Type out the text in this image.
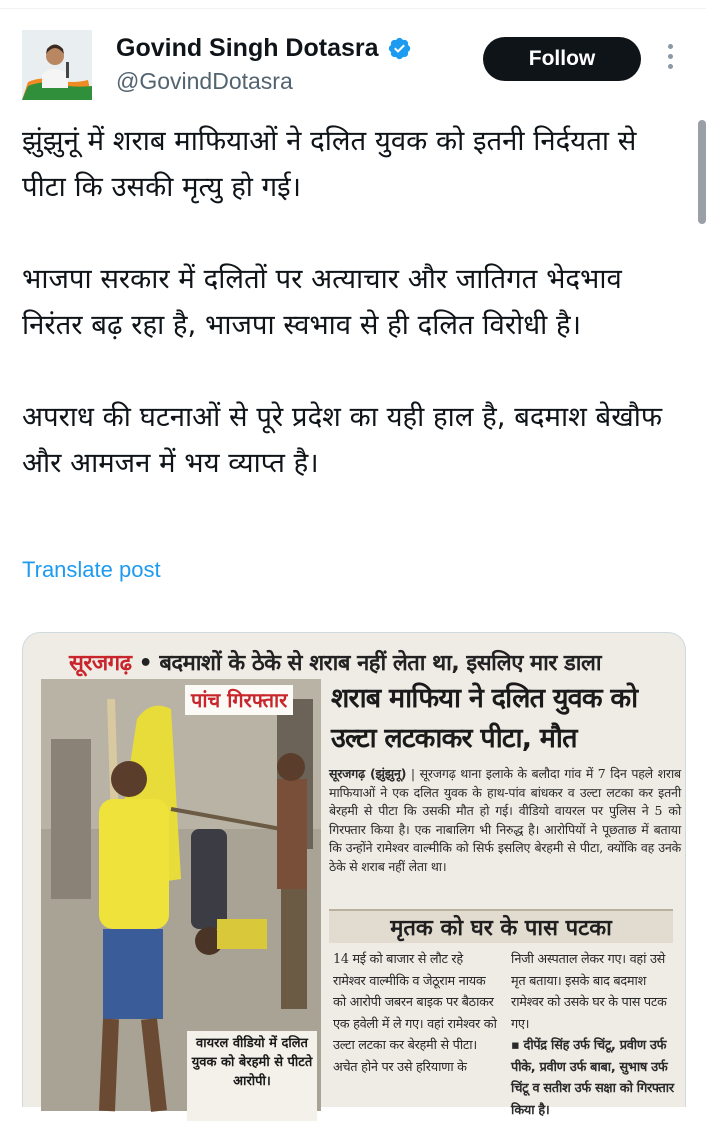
Govind Singh Dotasra
@GovindDotasra
Follow

झुंझुनूं में शराब माफियाओं ने दलित युवक को इतनी निर्दयता से पीटा कि उसकी मृत्यु हो गई।

भाजपा सरकार में दलितों पर अत्याचार और जातिगत भेदभाव निरंतर बढ़ रहा है, भाजपा स्वभाव से ही दलित विरोधी है।

अपराध की घटनाओं से पूरे प्रदेश का यही हाल है, बदमाश बेखौफ और आमजन में भय व्याप्त है।

Translate post
सूरजगढ़ • बदमाशों के ठेके से शराब नहीं लेता था, इसलिए मार डाला
वायरल वीडियो में दलित युवक को बेरहमी से पीटते आरोपी।
पांच गिरफ्तार शराब माफिया ने दलित युवक को उल्टा लटकाकर पीटा, मौत
सूरजगढ़ (झुंझुनू) | सूरजगढ़ थाना इलाके के बलौदा गांव में 7 दिन पहले शराब माफियाओं ने एक दलित युवक के हाथ-पांव बांधकर व उल्टा लटका कर इतनी बेरहमी से पीटा कि उसकी मौत हो गई। वीडियो वायरल पर पुलिस ने 5 को गिरफ्तार किया है। एक नाबालिग भी निरुद्ध है। आरोपियों ने पूछताछ में बताया कि उन्होंने रामेश्वर वाल्मीकि को सिर्फ इसलिए बेरहमी से पीटा, क्योंकि वह उनके ठेके से शराब नहीं लेता था।
मृतक को घर के पास पटका
14 मई को बाजार से लौट रहे रामेश्वर वाल्मीकि व जेठूराम नायक को आरोपी जबरन बाइक पर बैठाकर एक हवेली में ले गए। वहां रामेश्वर को उल्टा लटका कर बेरहमी से पीटा। अचेत होने पर उसे हरियाणा के
निजी अस्पताल लेकर गए। वहां उसे मृत बताया। इसके बाद बदमाश रामेश्वर को उसके घर के पास पटक गए।
▪ दीपेंद्र सिंह उर्फ चिंटू, प्रवीण उर्फ पीके, प्रवीण उर्फ बाबा, सुभाष उर्फ चिंटू व सतीश उर्फ सक्षा को गिरफ्तार किया है।
